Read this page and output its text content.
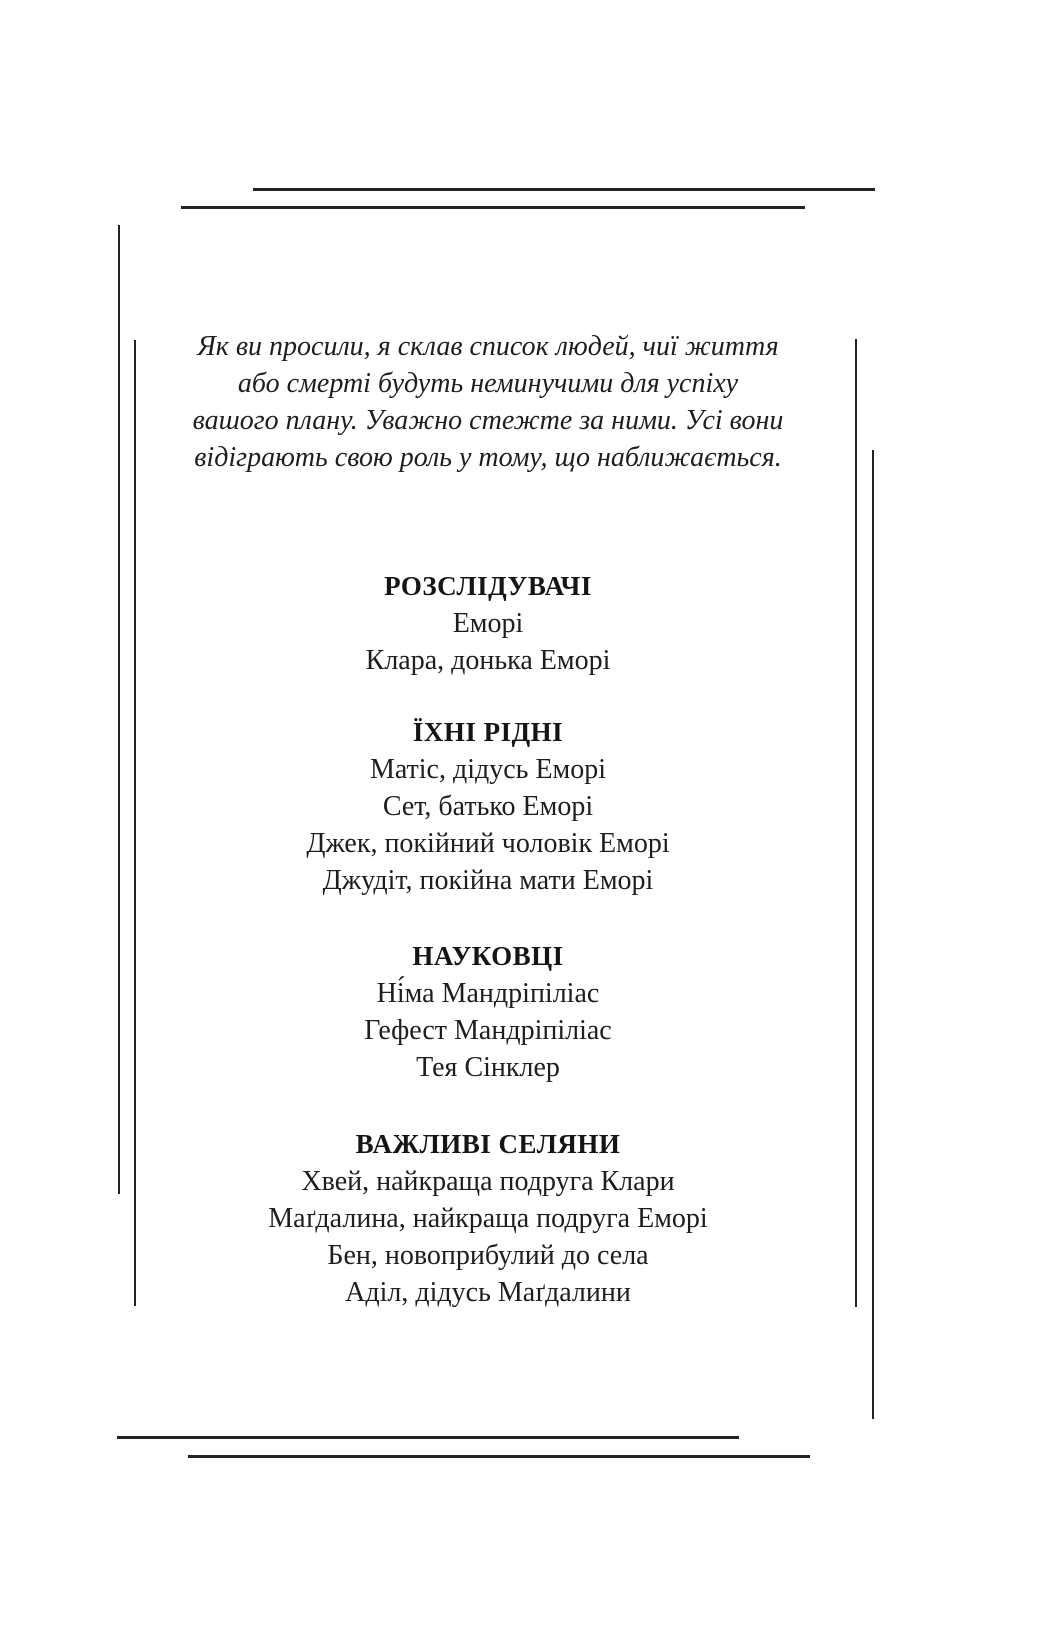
Як ви просили, я склав список людей, чиї життя
або смерті будуть неминучими для успіху
вашого плану. Уважно стежте за ними. Усі вони
відіграють свою роль у тому, що наближається.
РОЗСЛІДУВАЧІ
Еморі
Клара, донька Еморі
ЇХНІ РІДНІ
Матіс, дідусь Еморі
Сет, батько Еморі
Джек, покійний чоловік Еморі
Джудіт, покійна мати Еморі
НАУКОВЦІ
Ні́ма Мандріпіліас
Гефест Мандріпіліас
Тея Сінклер
ВАЖЛИВІ СЕЛЯНИ
Хвей, найкраща подруга Клари
Маґдалина, найкраща подруга Еморі
Бен, новоприбулий до села
Аділ, дідусь Маґдалини
